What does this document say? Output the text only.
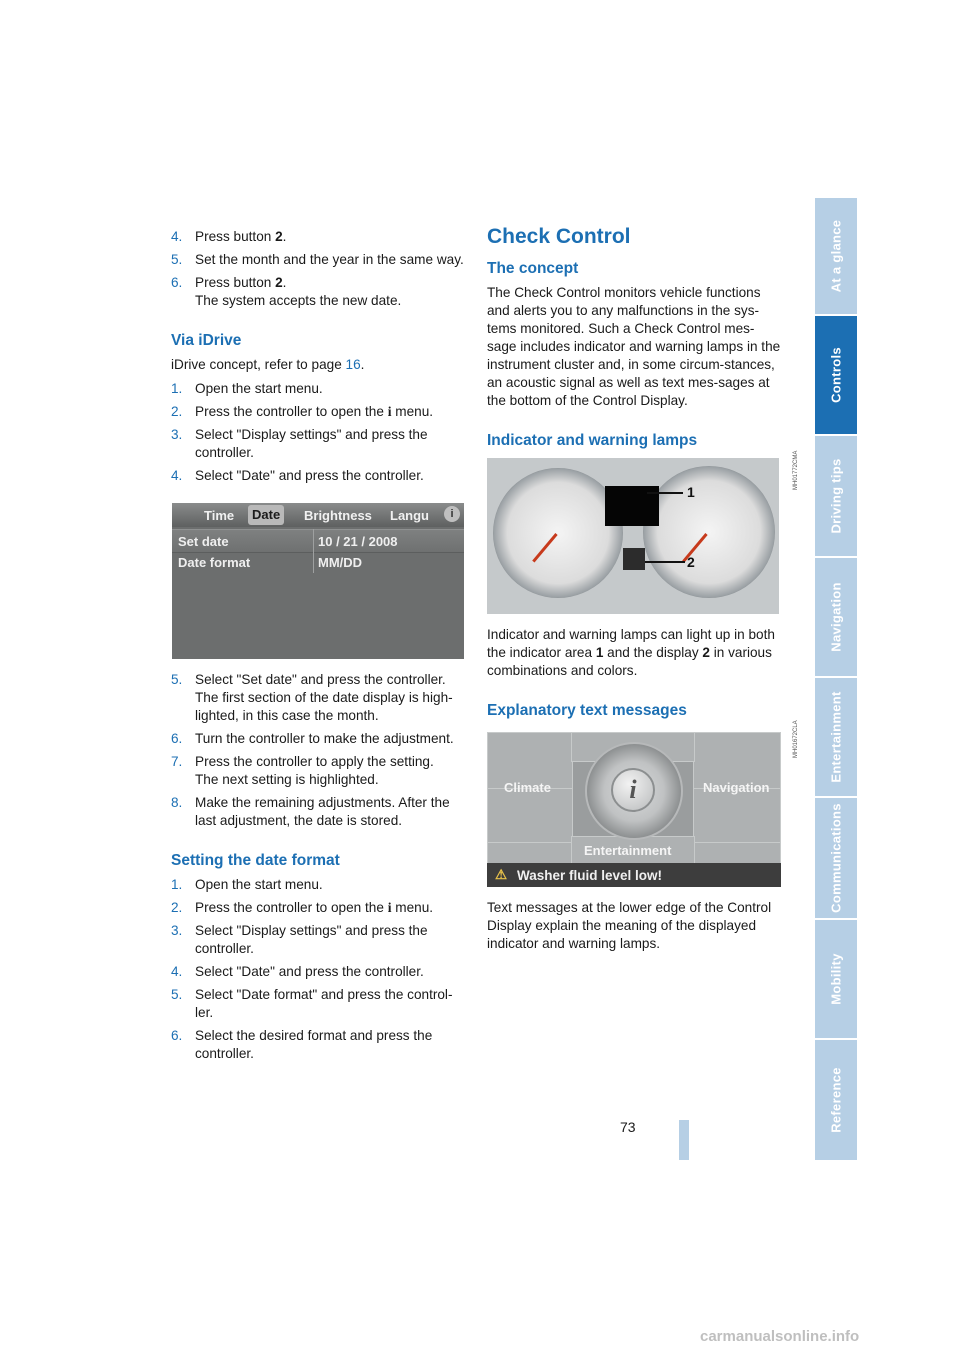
4. Press button 2.
5. Set the month and the year in the same way.
6. Press button 2.
The system accepts the new date.
Via iDrive

iDrive concept, refer to page 16.

1. Open the start menu.
2. Press the controller to open the i menu.
3. Select "Display settings" and press the controller.
4. Select "Date" and press the controller.
Time	Date	Brightness Langu	i
Set date	10 / 21 / 2008
Date format	MM/DD
5. Select "Set date" and press the controller.
The first section of the date display is high-lighted, in this case the month.
6. Turn the controller to make the adjustment.
7. Press the controller to apply the setting.
The next setting is highlighted.
8. Make the remaining adjustments. After the last adjustment, the date is stored.
Setting the date format
1. Open the start menu.
2. Press the controller to open the i menu.
3. Select "Display settings" and press the controller.
4. Select "Date" and press the controller.
5. Select "Date format" and press the control-ler.
6. Select the desired format and press the controller.
Check Control
The concept

The Check Control monitors vehicle functions and alerts you to any malfunctions in the sys-tems monitored. Such a Check Control mes-sage includes indicator and warning lamps in the instrument cluster and, in some circum-stances, an acoustic signal as well as text mes-sages at the bottom of the Control Display.

Indicator and warning lamps
1
2
MH01772CMA

Indicator and warning lamps can light up in both the indicator area 1 and the display 2 in various combinations and colors.

Explanatory text messages
i
Climate	Navigation
Entertainment
⚠ Washer fluid level low!
MH01672CLA

Text messages at the lower edge of the Control Display explain the meaning of the displayed indicator and warning lamps.

At a glance
Controls
Driving tips
Navigation
Entertainment
Communications
Mobility
Reference
73
carmanualsonline.info
